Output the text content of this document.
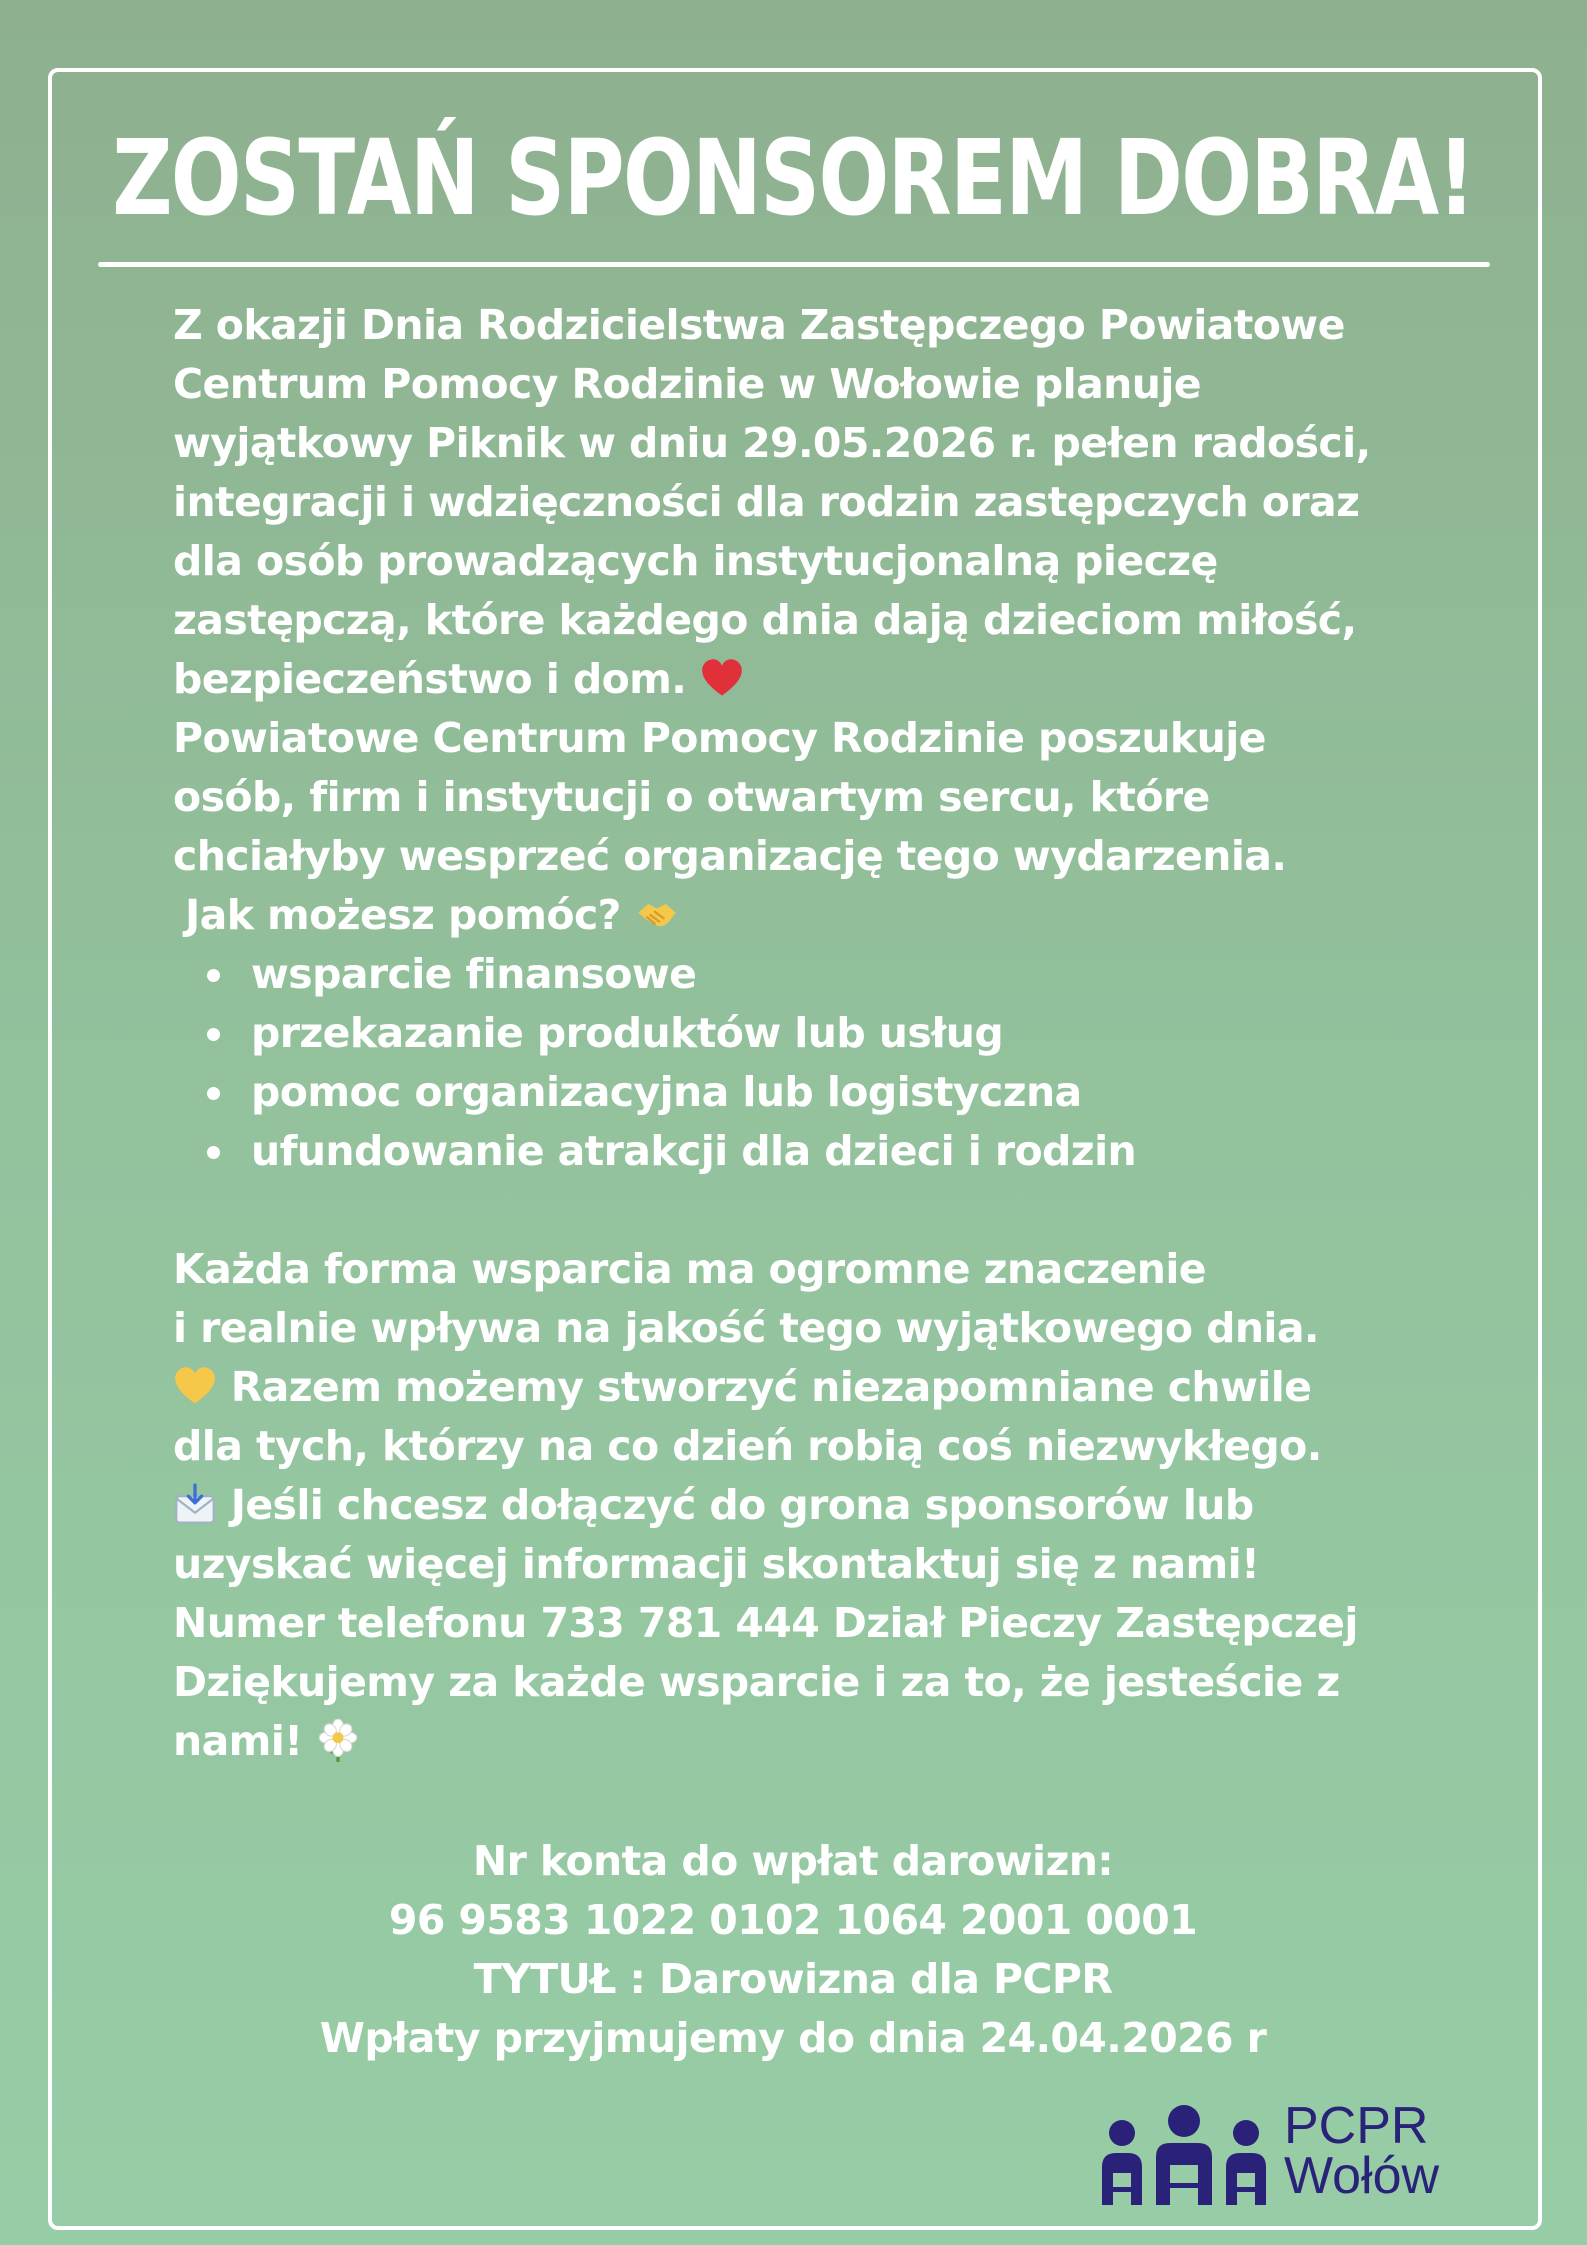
ZOSTAŃ SPONSOREM DOBRA!

Z okazji Dnia Rodzicielstwa Zastępczego Powiatowe

Centrum Pomocy Rodzinie w Wołowie planuje

wyjątkowy Piknik w dniu 29.05.2026 r. pełen radości,

integracji i wdzięczności dla rodzin zastępczych oraz

dla osób prowadzących instytucjonalną pieczę

zastępczą, które każdego dnia dają dzieciom miłość,

bezpieczeństwo i dom.

Powiatowe Centrum Pomocy Rodzinie poszukuje

osób, firm i instytucji o otwartym sercu, które

chciałyby wesprzeć organizację tego wydarzenia.

Jak możesz pomóc?

wsparcie finansowe
przekazanie produktów lub usług
pomoc organizacyjna lub logistyczna
ufundowanie atrakcji dla dzieci i rodzin

Każda forma wsparcia ma ogromne znaczenie

i realnie wpływa na jakość tego wyjątkowego dnia.

Razem możemy stworzyć niezapomniane chwile

dla tych, którzy na co dzień robią coś niezwykłego.

Jeśli chcesz dołączyć do grona sponsorów lub

uzyskać więcej informacji skontaktuj się z nami!

Numer telefonu 733 781 444 Dział Pieczy Zastępczej

Dziękujemy za każde wsparcie i za to, że jesteście z

nami!

Nr konta do wpłat darowizn:
96 9583 1022 0102 1064 2001 0001
TYTUŁ : Darowizna dla PCPR
Wpłaty przyjmujemy do dnia 24.04.2026 r
PCPR
Wołów
